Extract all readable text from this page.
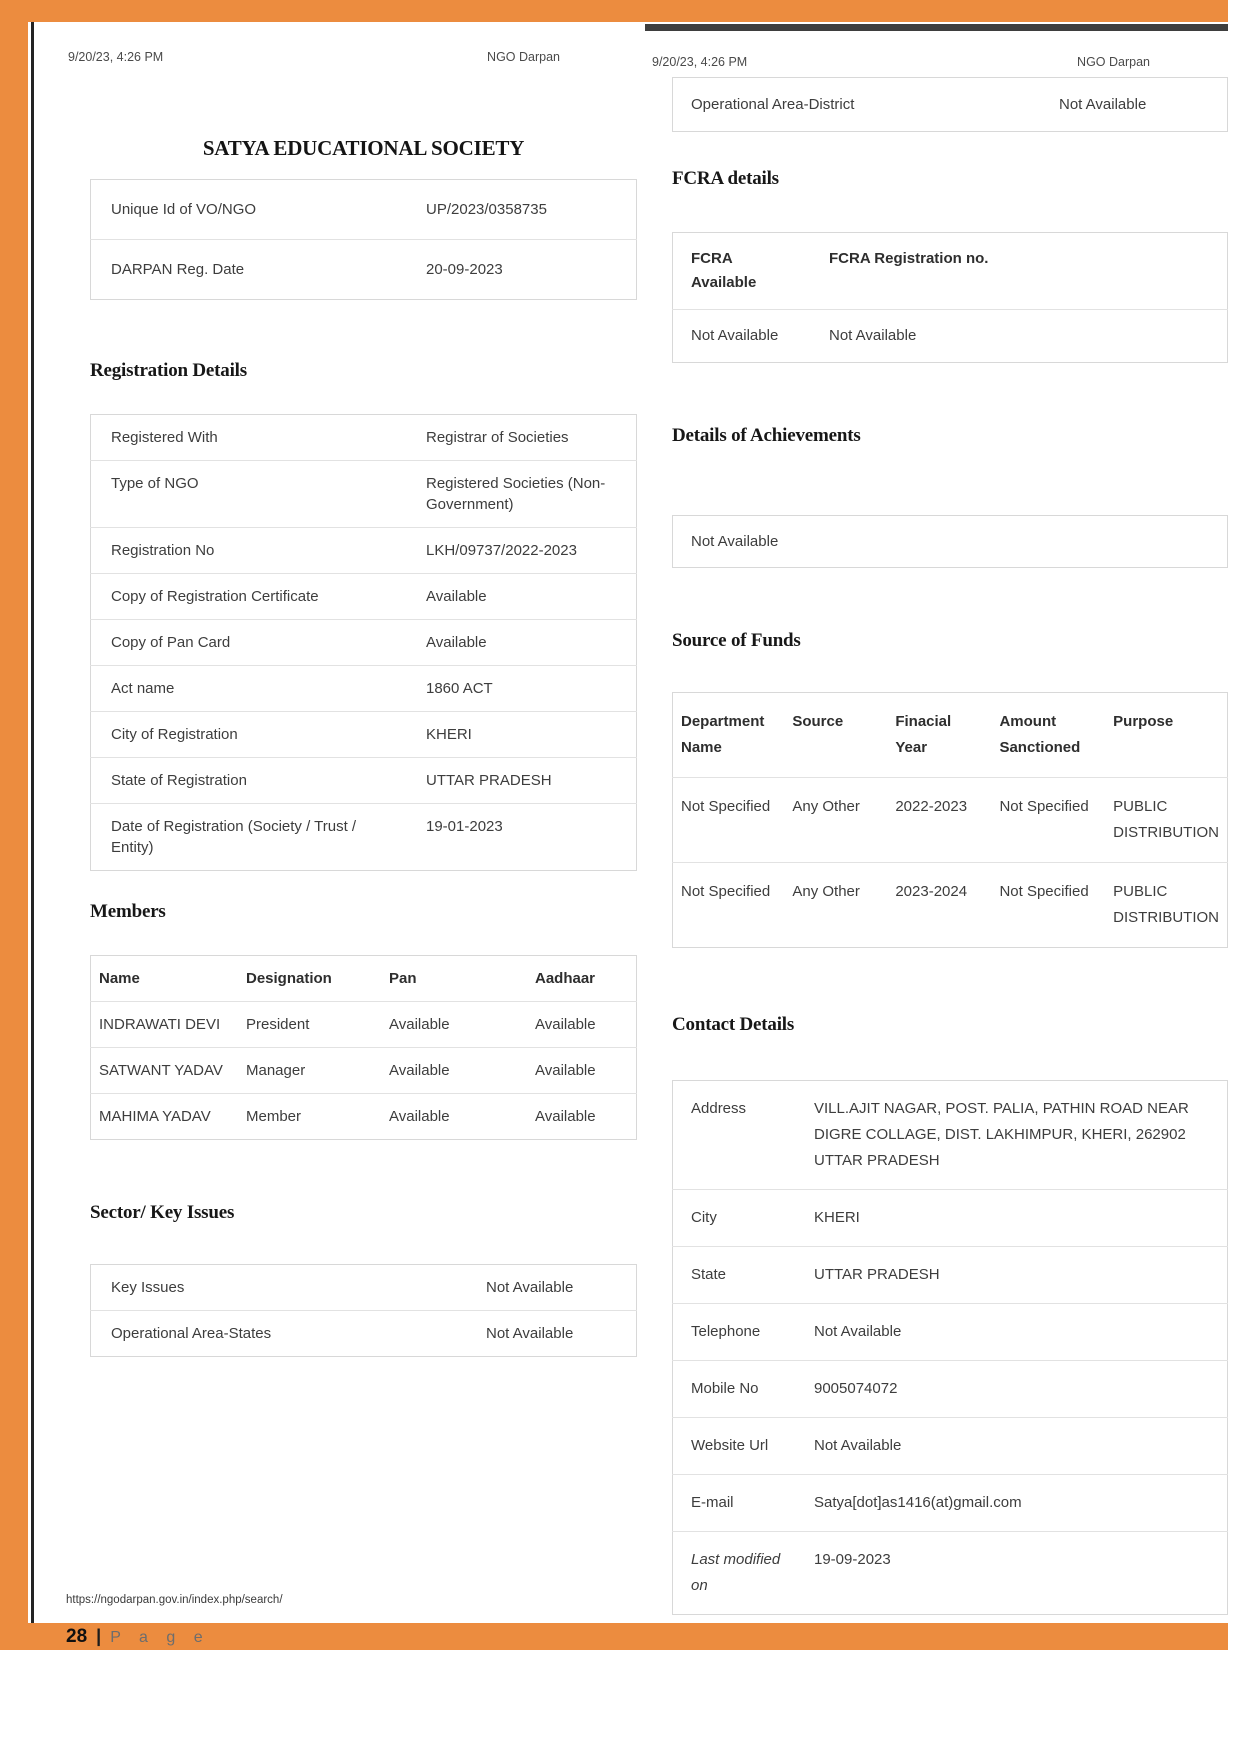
9/20/23, 4:26 PM	NGO Darpan
SATYA EDUCATIONAL SOCIETY
Unique Id of VO/NGO	UP/2023/0358735
DARPAN Reg. Date	20-09-2023
Registration Details
Registered With	Registrar of Societies
Type of NGO	Registered Societies (Non-Government)
Registration No	LKH/09737/2022-2023
Copy of Registration Certificate	Available
Copy of Pan Card	Available
Act name	1860 ACT
City of Registration	KHERI
State of Registration	UTTAR PRADESH
Date of Registration (Society / Trust / Entity)	19-01-2023
Members
Name	Designation	Pan	Aadhaar
INDRAWATI DEVI	President	Available	Available
SATWANT YADAV	Manager	Available	Available
MAHIMA YADAV	Member	Available	Available
Sector/ Key Issues
Key Issues	Not Available
Operational Area-States	Not Available
9/20/23, 4:26 PM	NGO Darpan
Operational Area-District	Not Available
FCRA details
FCRA Available	FCRA Registration no.
Not Available	Not Available
Details of Achievements
Not Available
Source of Funds
Department Name	Source	Finacial Year	Amount Sanctioned	Purpose
Not Specified	Any Other	2022-2023	Not Specified	PUBLIC DISTRIBUTION
Not Specified	Any Other	2023-2024	Not Specified	PUBLIC DISTRIBUTION
Contact Details
Address	VILL.AJIT NAGAR, POST. PALIA, PATHIN ROAD NEAR DIGRE COLLAGE, DIST. LAKHIMPUR, KHERI, 262902 UTTAR PRADESH
City	KHERI
State	UTTAR PRADESH
Telephone	Not Available
Mobile No	9005074072
Website Url	Not Available
E-mail	Satya[dot]as1416(at)gmail.com
Last modified on	19-09-2023
https://ngodarpan.gov.in/index.php/search/
28 | P a g e
